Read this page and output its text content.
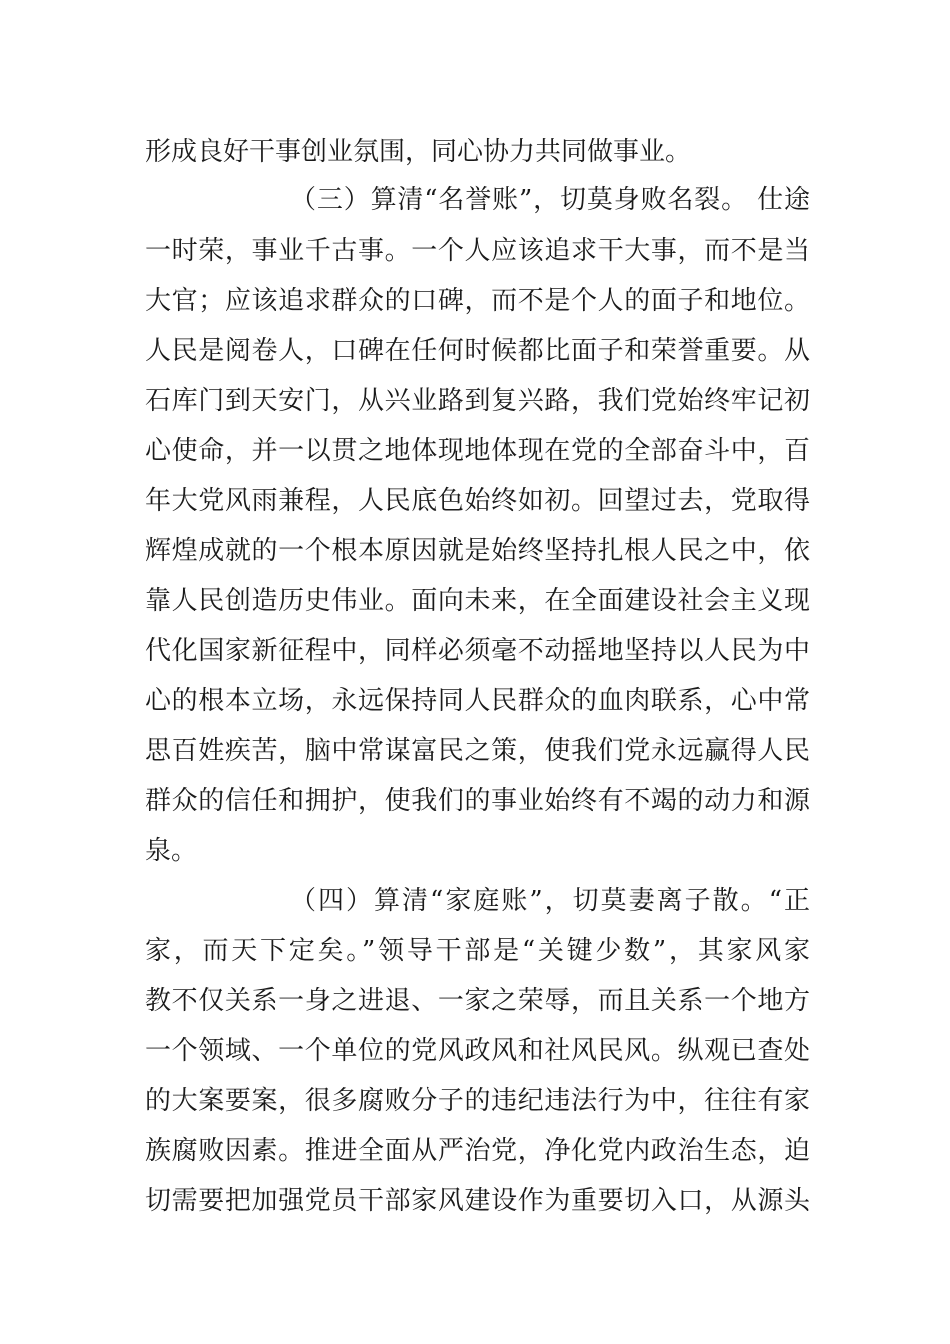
形成良好干事创业氛围，同心协力共同做事业。
（三）算清“名誉账”，切莫身败名裂。 仕途
一时荣，事业千古事。一个人应该追求干大事，而不是当
大官；应该追求群众的口碑，而不是个人的面子和地位。
人民是阅卷人，口碑在任何时候都比面子和荣誉重要。从
石库门到天安门，从兴业路到复兴路，我们党始终牢记初
心使命，并一以贯之地体现地体现在党的全部奋斗中，百
年大党风雨兼程，人民底色始终如初。回望过去，党取得
辉煌成就的一个根本原因就是始终坚持扎根人民之中，依
靠人民创造历史伟业。面向未来，在全面建设社会主义现
代化国家新征程中，同样必须毫不动摇地坚持以人民为中
心的根本立场，永远保持同人民群众的血肉联系，心中常
思百姓疾苦，脑中常谋富民之策，使我们党永远赢得人民
群众的信任和拥护，使我们的事业始终有不竭的动力和源
泉。
（四）算清“家庭账”，切莫妻离子散。“正
家，而天下定矣。”领导干部是“关键少数”，其家风家
教不仅关系一身之进退、一家之荣辱，而且关系一个地方
一个领域、一个单位的党风政风和社风民风。纵观已查处
的大案要案，很多腐败分子的违纪违法行为中，往往有家
族腐败因素。推进全面从严治党，净化党内政治生态，迫
切需要把加强党员干部家风建设作为重要切入口，从源头
